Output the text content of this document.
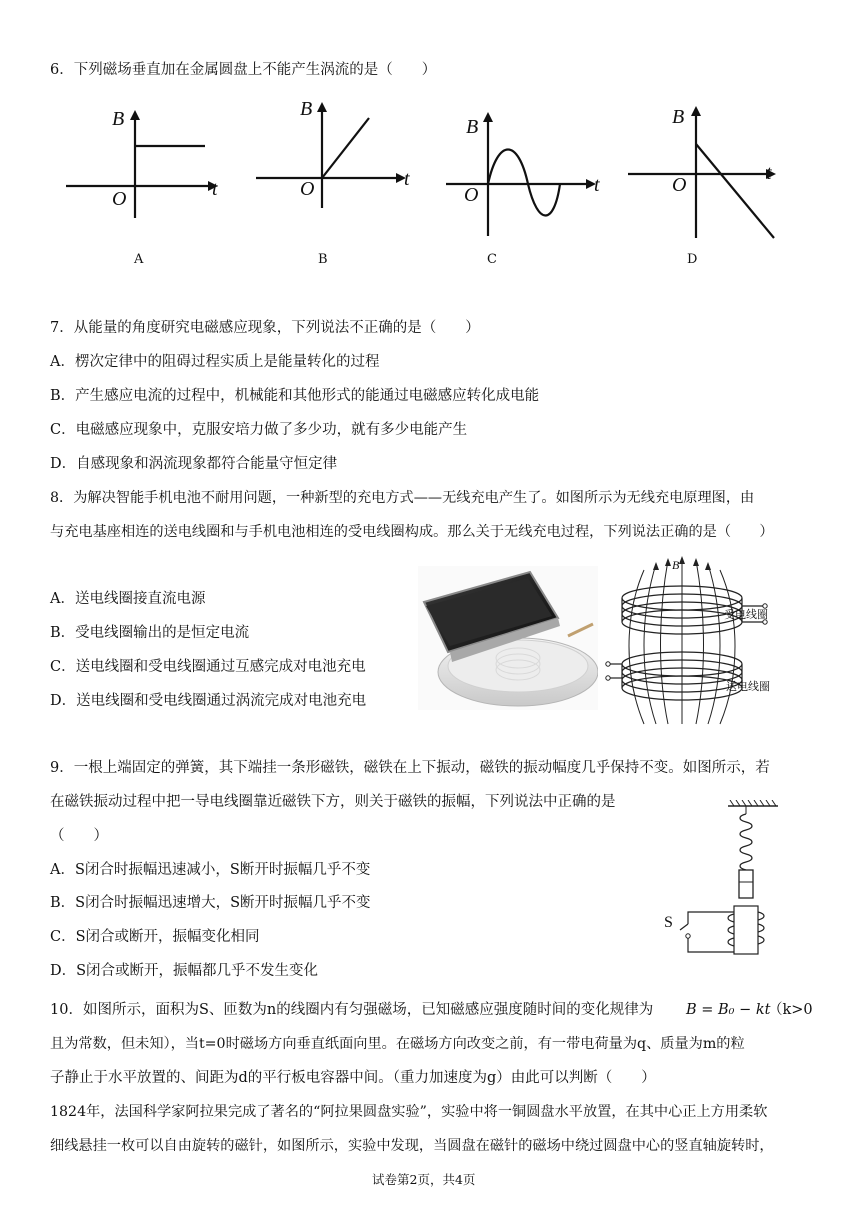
6．下列磁场垂直加在金属圆盘上不能产生涡流的是（　　）
B
t
O
B
t
O
B
t
O
B
t
O
A	B	C	D
7．从能量的角度研究电磁感应现象，下列说法不正确的是（　　）
A．楞次定律中的阻碍过程实质上是能量转化的过程
B．产生感应电流的过程中，机械能和其他形式的能通过电磁感应转化成电能
C．电磁感应现象中，克服安培力做了多少功，就有多少电能产生
D．自感现象和涡流现象都符合能量守恒定律
8．为解决智能手机电池不耐用问题，一种新型的充电方式——无线充电产生了。如图所示为无线充电原理图，由
与充电基座相连的送电线圈和与手机电池相连的受电线圈构成。那么关于无线充电过程，下列说法正确的是（　　）
A．送电线圈接直流电源
B．受电线圈输出的是恒定电流
C．送电线圈和受电线圈通过互感完成对电池充电
D．送电线圈和受电线圈通过涡流完成对电池充电
B
受电线圈
送电线圈
9．一根上端固定的弹簧，其下端挂一条形磁铁，磁铁在上下振动，磁铁的振动幅度几乎保持不变。如图所示，若
在磁铁振动过程中把一导电线圈靠近磁铁下方，则关于磁铁的振幅，下列说法中正确的是
（　　）
A．S闭合时振幅迅速减小，S断开时振幅几乎不变
B．S闭合时振幅迅速增大，S断开时振幅几乎不变
C．S闭合或断开，振幅变化相同
D．S闭合或断开，振幅都几乎不发生变化
S
10．如图所示，面积为S、匝数为n的线圈内有匀强磁场，已知磁感应强度随时间的变化规律为 B = B₀ − kt
（k>0
且为常数，但未知），当t=0时磁场方向垂直纸面向里。在磁场方向改变之前，有一带电荷量为q、质量为m的粒
子静止于水平放置的、间距为d的平行板电容器中间。（重力加速度为g）由此可以判断（　　）
1824年，法国科学家阿拉果完成了著名的“阿拉果圆盘实验”，实验中将一铜圆盘水平放置，在其中心正上方用柔软
细线悬挂一枚可以自由旋转的磁针，如图所示，实验中发现，当圆盘在磁针的磁场中绕过圆盘中心的竖直轴旋转时，
试卷第2页，共4页
